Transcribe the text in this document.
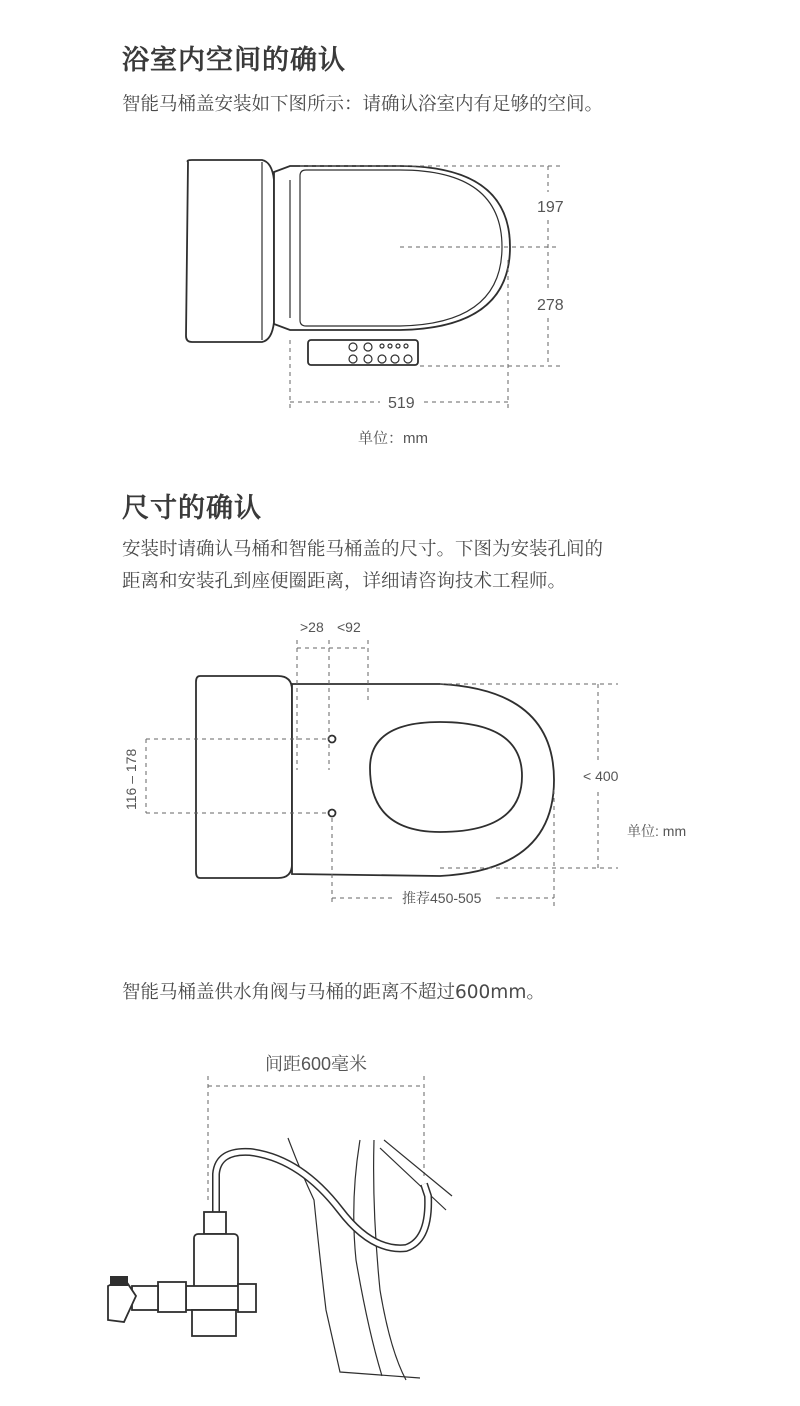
浴室内空间的确认

智能马桶盖安装如下图所示：请确认浴室内有足够的空间。

197
278
519
单位：mm
尺寸的确认

安装时请确认马桶和智能马桶盖的尺寸。下图为安装孔间的

距离和安装孔到座便圈距离，详细请咨询技术工程师。

>28 <92
116 – 178	< 400
单位: mm
推荐450-505

智能马桶盖供水角阀与马桶的距离不超过600mm。

间距600毫米
